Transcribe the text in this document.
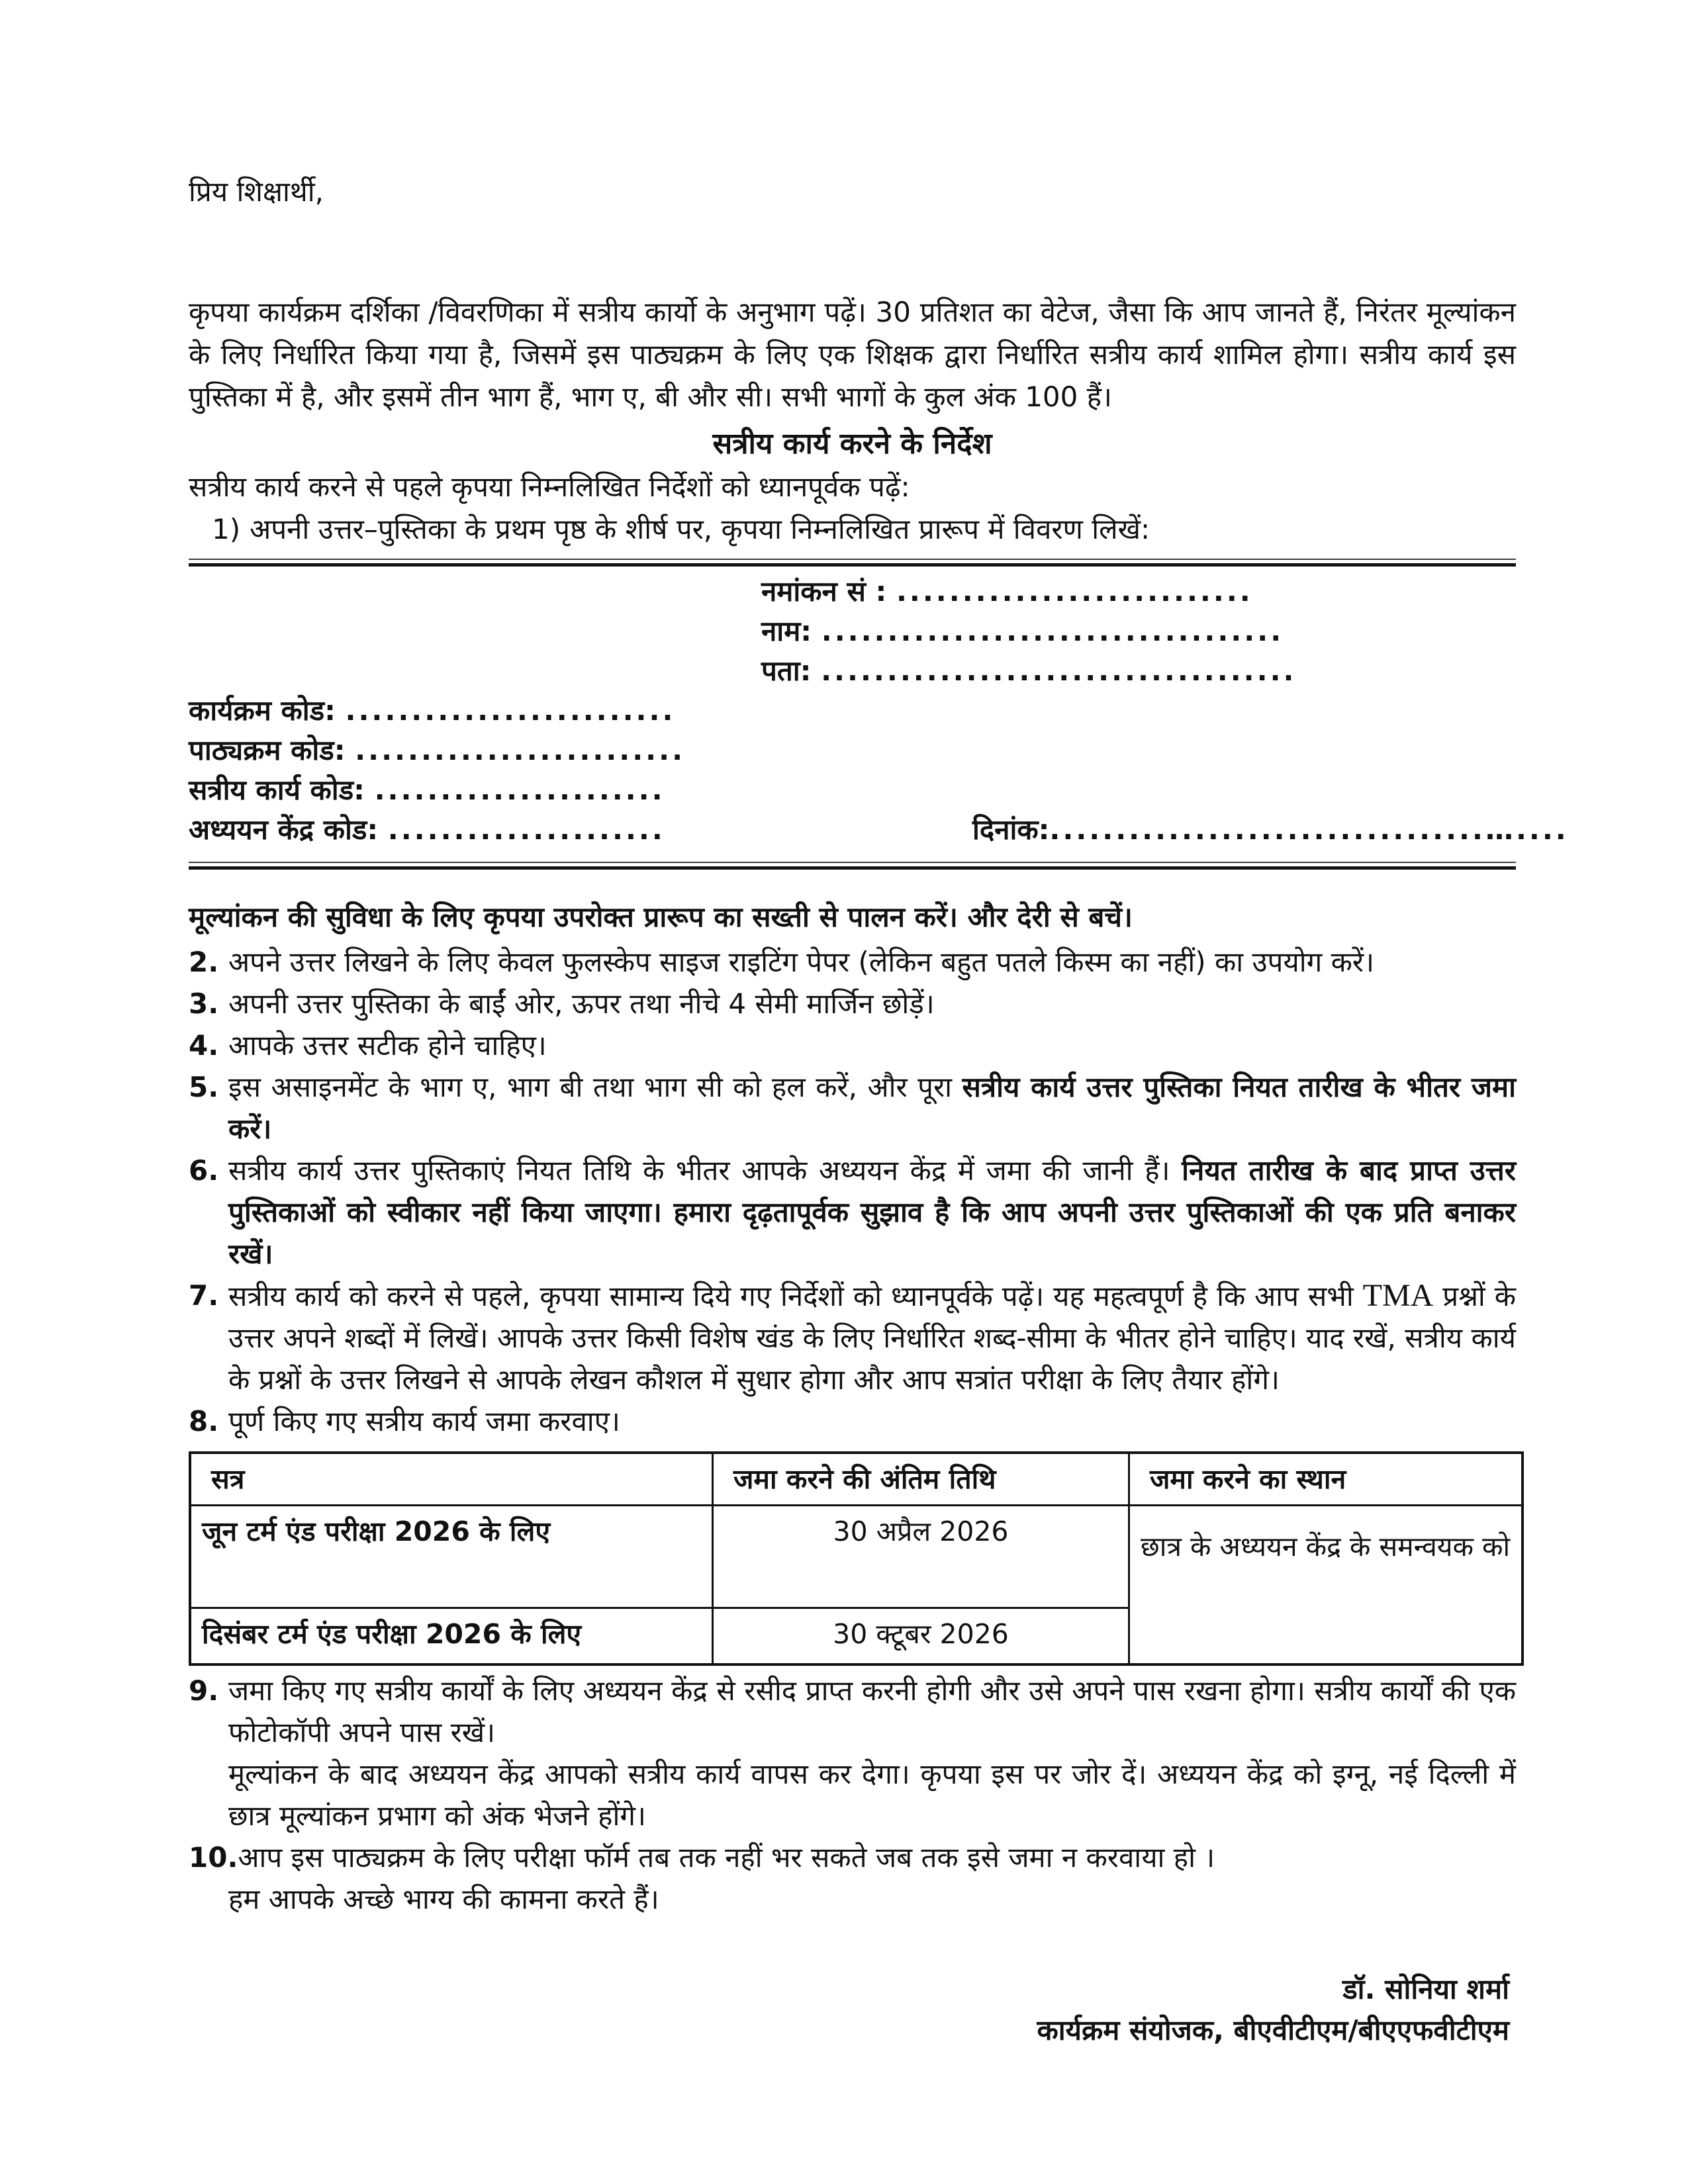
प्रिय शिक्षार्थी,

कृपया कार्यक्रम दर्शिका /विवरणिका में सत्रीय कार्यो के अनुभाग पढ़ें। 30 प्रतिशत का वेटेज, जैसा कि आप जानते हैं, निरंतर मूल्यांकन के लिए निर्धारित किया गया है, जिसमें इस पाठ्यक्रम के लिए एक शिक्षक द्वारा निर्धारित सत्रीय कार्य शामिल होगा। सत्रीय कार्य इस पुस्तिका में है, और इसमें तीन भाग हैं, भाग ए, बी और सी। सभी भागों के कुल अंक 100 हैं।

सत्रीय कार्य करने के निर्देश

सत्रीय कार्य करने से पहले कृपया निम्नलिखित निर्देशों को ध्यानपूर्वक पढ़ें:

1) अपनी उत्तर–पुस्तिका के प्रथम पृष्ठ के शीर्ष पर, कृपया निम्नलिखित प्रारूप में विवरण लिखें:
नमांकन सं : ...........................
नाम: ...................................
पता: ....................................
कार्यक्रम कोड: .........................
पाठ्यक्रम कोड: .........................
सत्रीय कार्य कोड: ......................
अध्ययन केंद्र कोड: .....................	दिनांक:.................................…....

मूल्यांकन की सुविधा के लिए कृपया उपरोक्त प्रारूप का सख्ती से पालन करें। और देरी से बचें।

2. अपने उत्तर लिखने के लिए केवल फुलस्केप साइज राइटिंग पेपर (लेकिन बहुत पतले किस्म का नहीं) का उपयोग करें।
3. अपनी उत्तर पुस्तिका के बाईं ओर, ऊपर तथा नीचे 4 सेमी मार्जिन छोड़ें।
4. आपके उत्तर सटीक होने चाहिए।
5. इस असाइनमेंट के भाग ए, भाग बी तथा भाग सी को हल करें, और पूरा सत्रीय कार्य उत्तर पुस्तिका नियत तारीख के भीतर जमा करें।
6. सत्रीय कार्य उत्तर पुस्तिकाएं नियत तिथि के भीतर आपके अध्ययन केंद्र में जमा की जानी हैं। नियत तारीख के बाद प्राप्त उत्तर पुस्तिकाओं को स्वीकार नहीं किया जाएगा। हमारा दृढ़तापूर्वक सुझाव है कि आप अपनी उत्तर पुस्तिकाओं की एक प्रति बनाकर रखें।
7. सत्रीय कार्य को करने से पहले, कृपया सामान्य दिये गए निर्देशों को ध्यानपूर्वके पढ़ें। यह महत्वपूर्ण है कि आप सभी TMA प्रश्नों के उत्तर अपने शब्दों में लिखें। आपके उत्तर किसी विशेष खंड के लिए निर्धारित शब्द-सीमा के भीतर होने चाहिए। याद रखें, सत्रीय कार्य के प्रश्नों के उत्तर लिखने से आपके लेखन कौशल में सुधार होगा और आप सत्रांत परीक्षा के लिए तैयार होंगे।
8. पूर्ण किए गए सत्रीय कार्य जमा करवाए।
सत्र	जमा करने की अंतिम तिथि	जमा करने का स्थान
जून टर्म एंड परीक्षा 2026 के लिए	30 अप्रैल 2026	छात्र के अध्ययन केंद्र के समन्वयक को
दिसंबर टर्म एंड परीक्षा 2026 के लिए	30 क्टूबर 2026	
9. जमा किए गए सत्रीय कार्यों के लिए अध्ययन केंद्र से रसीद प्राप्त करनी होगी और उसे अपने पास रखना होगा। सत्रीय कार्यों की एक फोटोकॉपी अपने पास रखें।
मूल्यांकन के बाद अध्ययन केंद्र आपको सत्रीय कार्य वापस कर देगा। कृपया इस पर जोर दें। अध्ययन केंद्र को इग्नू, नई दिल्ली में छात्र मूल्यांकन प्रभाग को अंक भेजने होंगे।
10. आप इस पाठ्यक्रम के लिए परीक्षा फॉर्म तब तक नहीं भर सकते जब तक इसे जमा न करवाया हो ।
हम आपके अच्छे भाग्य की कामना करते हैं।
डॉ. सोनिया शर्मा
कार्यक्रम संयोजक, बीएवीटीएम/बीएएफवीटीएम
